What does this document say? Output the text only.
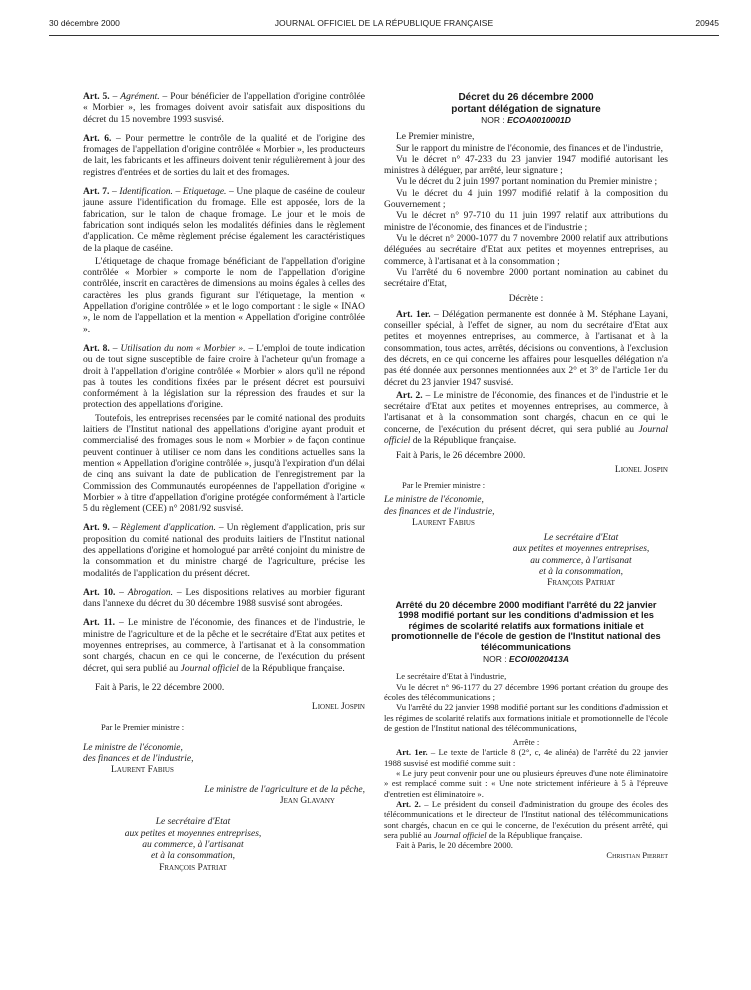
30 décembre 2000	JOURNAL OFFICIEL DE LA RÉPUBLIQUE FRANÇAISE	20945

Art. 5. – Agrément. – Pour bénéficier de l'appellation d'origine contrôlée « Morbier », les fromages doivent avoir satisfait aux dispositions du décret du 15 novembre 1993 susvisé.

Art. 6. – Pour permettre le contrôle de la qualité et de l'origine des fromages de l'appellation d'origine contrôlée « Morbier », les producteurs de lait, les fabricants et les affineurs doivent tenir régulièrement à jour des registres d'entrées et de sorties du lait et des fromages.

Art. 7. – Identification. – Etiquetage. – Une plaque de caséine de couleur jaune assure l'identification du fromage. Elle est apposée, lors de la fabrication, sur le talon de chaque fromage. Le jour et le mois de fabrication sont indiqués selon les modalités définies dans le règlement d'application. Ce même règlement précise également les caractéristiques de la plaque de caséine.

L'étiquetage de chaque fromage bénéficiant de l'appellation d'origine contrôlée « Morbier » comporte le nom de l'appellation d'origine contrôlée, inscrit en caractères de dimensions au moins égales à celles des caractères les plus grands figurant sur l'étiquetage, la mention « Appellation d'origine contrôlée » et le logo comportant : le sigle « INAO », le nom de l'appellation et la mention « Appellation d'origine contrôlée ».

Art. 8. – Utilisation du nom « Morbier ». – L'emploi de toute indication ou de tout signe susceptible de faire croire à l'acheteur qu'un fromage a droit à l'appellation d'origine contrôlée « Morbier » alors qu'il ne répond pas à toutes les conditions fixées par le présent décret est poursuivi conformément à la législation sur la répression des fraudes et sur la protection des appellations d'origine.

Toutefois, les entreprises recensées par le comité national des produits laitiers de l'Institut national des appellations d'origine ayant produit et commercialisé des fromages sous le nom « Morbier » de façon continue peuvent continuer à utiliser ce nom dans les conditions actuelles sans la mention « Appellation d'origine contrôlée », jusqu'à l'expiration d'un délai de cinq ans suivant la date de publication de l'enregistrement par la Commission des Communautés européennes de l'appellation d'origine « Morbier » à titre d'appellation d'origine protégée conformément à l'article 5 du règlement (CEE) n° 2081/92 susvisé.

Art. 9. – Règlement d'application. – Un règlement d'application, pris sur proposition du comité national des produits laitiers de l'Institut national des appellations d'origine et homologué par arrêté conjoint du ministre de la consommation et du ministre chargé de l'agriculture, précise les modalités de l'application du présent décret.

Art. 10. – Abrogation. – Les dispositions relatives au morbier figurant dans l'annexe du décret du 30 décembre 1988 susvisé sont abrogées.

Art. 11. – Le ministre de l'économie, des finances et de l'industrie, le ministre de l'agriculture et de la pêche et le secrétaire d'Etat aux petites et moyennes entreprises, au commerce, à l'artisanat et à la consommation sont chargés, chacun en ce qui le concerne, de l'exécution du présent décret, qui sera publié au Journal officiel de la République française.

Fait à Paris, le 22 décembre 2000.

Lionel Jospin
Par le Premier ministre :
Le ministre de l'économie,
des finances et de l'industrie,
Laurent Fabius
Le ministre de l'agriculture et de la pêche,
Jean Glavany
Le secrétaire d'Etat
aux petites et moyennes entreprises,
au commerce, à l'artisanat
et à la consommation,
François Patriat
Décret du 26 décembre 2000
portant délégation de signature
NOR : ECOA0010001D

Le Premier ministre,

Sur le rapport du ministre de l'économie, des finances et de l'industrie,

Vu le décret n° 47-233 du 23 janvier 1947 modifié autorisant les ministres à déléguer, par arrêté, leur signature ;

Vu le décret du 2 juin 1997 portant nomination du Premier ministre ;

Vu le décret du 4 juin 1997 modifié relatif à la composition du Gouvernement ;

Vu le décret n° 97-710 du 11 juin 1997 relatif aux attributions du ministre de l'économie, des finances et de l'industrie ;

Vu le décret n° 2000-1077 du 7 novembre 2000 relatif aux attributions déléguées au secrétaire d'Etat aux petites et moyennes entreprises, au commerce, à l'artisanat et à la consommation ;

Vu l'arrêté du 6 novembre 2000 portant nomination au cabinet du secrétaire d'Etat,

Décrète :

Art. 1er. – Délégation permanente est donnée à M. Stéphane Layani, conseiller spécial, à l'effet de signer, au nom du secrétaire d'Etat aux petites et moyennes entreprises, au commerce, à l'artisanat et à la consommation, tous actes, arrêtés, décisions ou conventions, à l'exclusion des décrets, en ce qui concerne les affaires pour lesquelles délégation n'a pas été donnée aux personnes mentionnées aux 2° et 3° de l'article 1er du décret du 23 janvier 1947 susvisé.

Art. 2. – Le ministre de l'économie, des finances et de l'industrie et le secrétaire d'Etat aux petites et moyennes entreprises, au commerce, à l'artisanat et à la consommation sont chargés, chacun en ce qui le concerne, de l'exécution du présent décret, qui sera publié au Journal officiel de la République française.

Fait à Paris, le 26 décembre 2000.

Lionel Jospin
Par le Premier ministre :
Le ministre de l'économie,
des finances et de l'industrie,
Laurent Fabius
Le secrétaire d'Etat
aux petites et moyennes entreprises,
au commerce, à l'artisanat
et à la consommation,
François Patriat
Arrêté du 20 décembre 2000 modifiant l'arrêté du 22 janvier 1998 modifié portant sur les conditions d'admission et les régimes de scolarité relatifs aux formations initiale et promotionnelle de l'école de gestion de l'Institut national des télécommunications
NOR : ECOI0020413A

Le secrétaire d'Etat à l'industrie,

Vu le décret n° 96-1177 du 27 décembre 1996 portant création du groupe des écoles des télécommunications ;

Vu l'arrêté du 22 janvier 1998 modifié portant sur les conditions d'admission et les régimes de scolarité relatifs aux formations initiale et promotionnelle de l'école de gestion de l'Institut national des télécommunications,

Arrête :

Art. 1er. – Le texte de l'article 8 (2°, c, 4e alinéa) de l'arrêté du 22 janvier 1988 susvisé est modifié comme suit :

« Le jury peut convenir pour une ou plusieurs épreuves d'une note éliminatoire » est remplacé comme suit : « Une note strictement inférieure à 5 à l'épreuve d'entretien est éliminatoire ».

Art. 2. – Le président du conseil d'administration du groupe des écoles des télécommunications et le directeur de l'Institut national des télécommunications sont chargés, chacun en ce qui le concerne, de l'exécution du présent arrêté, qui sera publié au Journal officiel de la République française.

Fait à Paris, le 20 décembre 2000.

Christian Pierret
